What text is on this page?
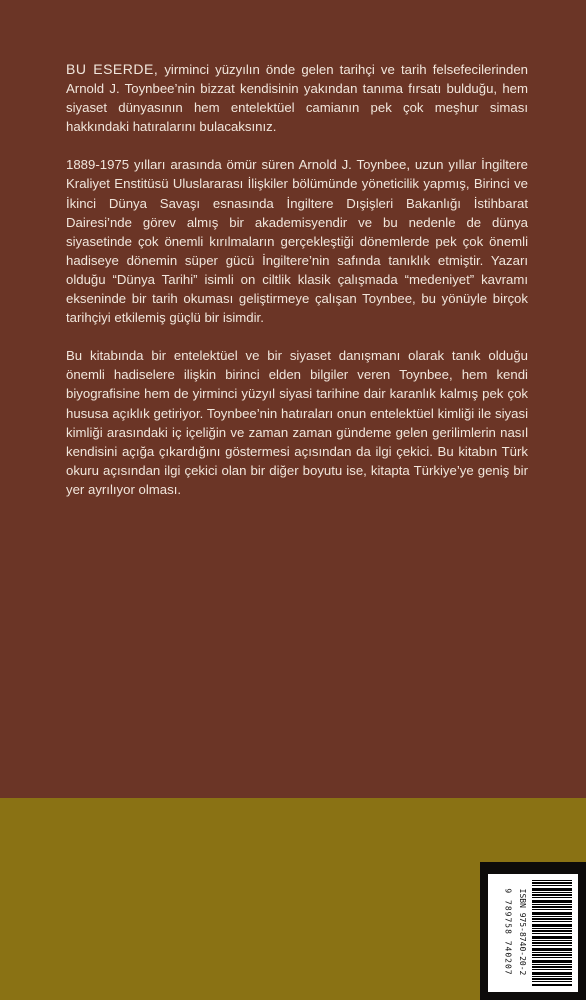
BU ESERDE, yirminci yüzyılın önde gelen tarihçi ve tarih felsefecilerinden Arnold J. Toynbee’nin bizzat kendisinin yakından tanıma fırsatı bulduğu, hem siyaset dünyasının hem entelektüel camianın pek çok meşhur siması hakkındaki hatıralarını bulacaksınız.

1889-1975 yılları arasında ömür süren Arnold J. Toynbee, uzun yıllar İngiltere Kraliyet Enstitüsü Uluslararası İlişkiler bölümünde yöneticilik yapmış, Birinci ve İkinci Dünya Savaşı esnasında İngiltere Dışişleri Bakanlığı İstihbarat Dairesi’nde görev almış bir akademisyendir ve bu nedenle de dünya siyasetinde çok önemli kırılmaların gerçekleştiği dönemlerde pek çok önemli hadiseye dönemin süper gücü İngiltere’nin safında tanıklık etmiştir. Yazarı olduğu “Dünya Tarihi” isimli on ciltlik klasik çalışmada “medeniyet” kavramı ekseninde bir tarih okuması geliştirmeye çalışan Toynbee, bu yönüyle birçok tarihçiyi etkilemiş güçlü bir isimdir.

Bu kitabında bir entelektüel ve bir siyaset danışmanı olarak tanık olduğu önemli hadiselere ilişkin birinci elden bilgiler veren Toynbee, hem kendi biyografisine hem de yirminci yüzyıl siyasi tarihine dair karanlık kalmış pek çok hususa açıklık getiriyor. Toynbee’nin hatıraları onun entelektüel kimliği ile siyasi kimliği arasındaki iç içeliğin ve zaman zaman gündeme gelen gerilimlerin nasıl kendisini açığa çıkardığını göstermesi açısından da ilgi çekici. Bu kitabın Türk okuru açısından ilgi çekici olan bir diğer boyutu ise, kitapta Türkiye’ye geniş bir yer ayrılıyor olması.

ISBN 975-8740-20-2
9 789758 740207
